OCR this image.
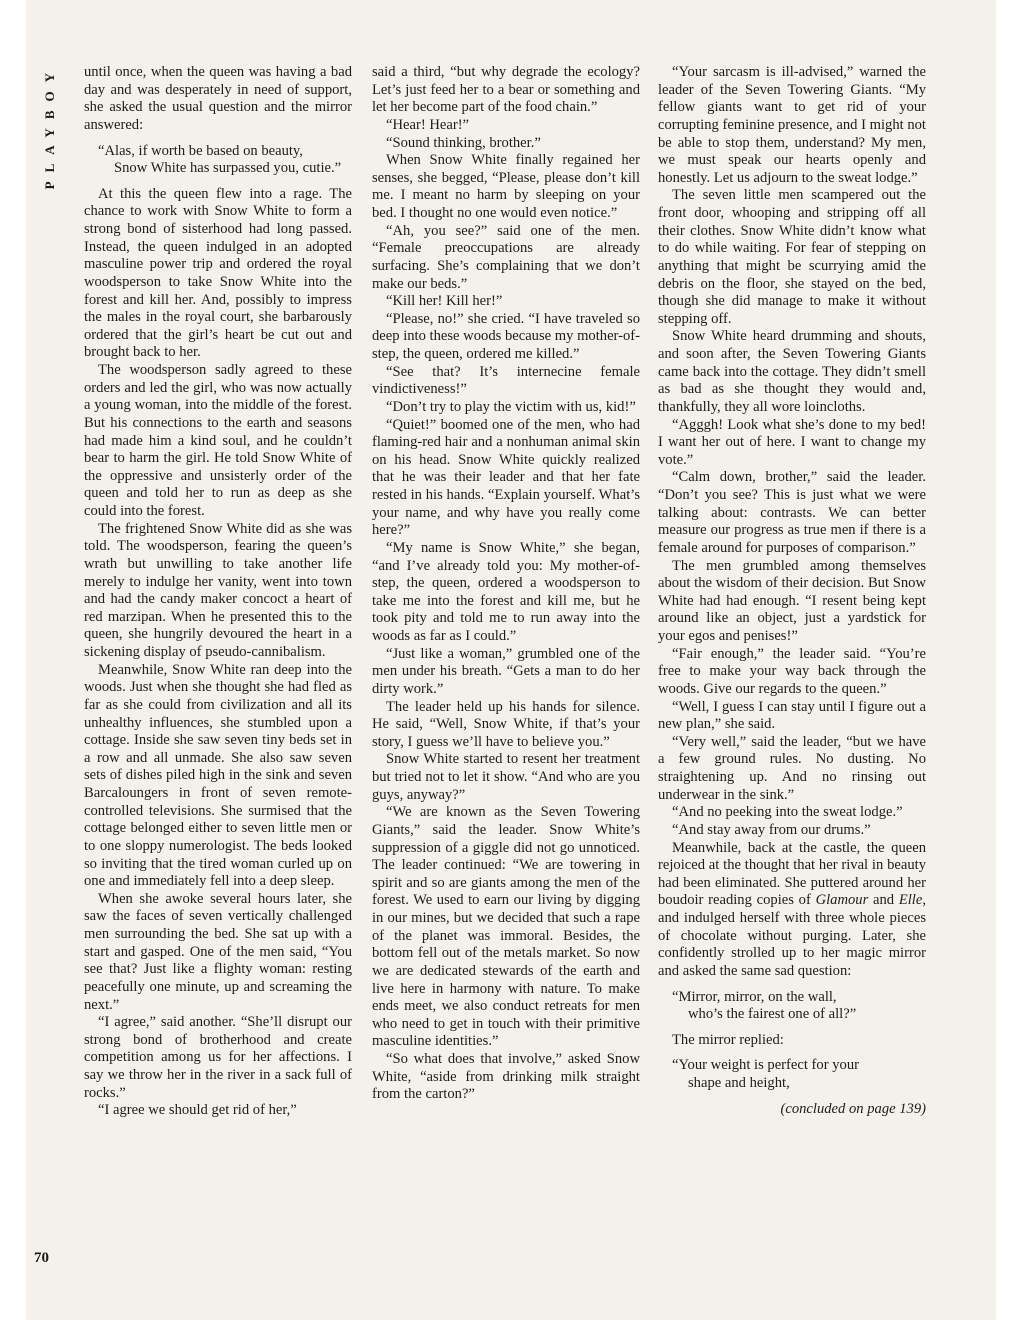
PLAYBOY	until once, when the queen was having a bad day and was desperately in need of support, she asked the usual question and the mirror answered:

“Alas, if worth be based on beauty,
Snow White has surpassed you, cutie.”

At this the queen flew into a rage. The chance to work with Snow White to form a strong bond of sisterhood had long passed. Instead, the queen indulged in an adopted masculine power trip and ordered the royal woodsperson to take Snow White into the forest and kill her. And, possibly to impress the males in the royal court, she barbarously ordered that the girl’s heart be cut out and brought back to her.

The woodsperson sadly agreed to these orders and led the girl, who was now actually a young woman, into the middle of the forest. But his connections to the earth and seasons had made him a kind soul, and he couldn’t bear to harm the girl. He told Snow White of the oppressive and unsisterly order of the queen and told her to run as deep as she could into the forest.

The frightened Snow White did as she was told. The woodsperson, fearing the queen’s wrath but unwilling to take another life merely to indulge her vanity, went into town and had the candy maker concoct a heart of red marzipan. When he presented this to the queen, she hungrily devoured the heart in a sickening display of pseudo-cannibalism.

Meanwhile, Snow White ran deep into the woods. Just when she thought she had fled as far as she could from civilization and all its unhealthy influences, she stumbled upon a cottage. Inside she saw seven tiny beds set in a row and all unmade. She also saw seven sets of dishes piled high in the sink and seven Barcaloungers in front of seven remote-controlled televisions. She surmised that the cottage belonged either to seven little men or to one sloppy numerologist. The beds looked so inviting that the tired woman curled up on one and immediately fell into a deep sleep.

When she awoke several hours later, she saw the faces of seven vertically challenged men surrounding the bed. She sat up with a start and gasped. One of the men said, “You see that? Just like a flighty woman: resting peacefully one minute, up and screaming the next.”

“I agree,” said another. “She’ll disrupt our strong bond of brotherhood and create competition among us for her affections. I say we throw her in the river in a sack full of rocks.”

“I agree we should get rid of her,”

said a third, “but why degrade the ecology? Let’s just feed her to a bear or something and let her become part of the food chain.”

“Hear! Hear!”

“Sound thinking, brother.”

When Snow White finally regained her senses, she begged, “Please, please don’t kill me. I meant no harm by sleeping on your bed. I thought no one would even notice.”

“Ah, you see?” said one of the men. “Female preoccupations are already surfacing. She’s complaining that we don’t make our beds.”

“Kill her! Kill her!”

“Please, no!” she cried. “I have traveled so deep into these woods because my mother-of-step, the queen, ordered me killed.”

“See that? It’s internecine female vindictiveness!”

“Don’t try to play the victim with us, kid!”

“Quiet!” boomed one of the men, who had flaming-red hair and a nonhuman animal skin on his head. Snow White quickly realized that he was their leader and that her fate rested in his hands. “Explain yourself. What’s your name, and why have you really come here?”

“My name is Snow White,” she began, “and I’ve already told you: My mother-of-step, the queen, ordered a woodsperson to take me into the forest and kill me, but he took pity and told me to run away into the woods as far as I could.”

“Just like a woman,” grumbled one of the men under his breath. “Gets a man to do her dirty work.”

The leader held up his hands for silence. He said, “Well, Snow White, if that’s your story, I guess we’ll have to believe you.”

Snow White started to resent her treatment but tried not to let it show. “And who are you guys, anyway?”

“We are known as the Seven Towering Giants,” said the leader. Snow White’s suppression of a giggle did not go unnoticed. The leader continued: “We are towering in spirit and so are giants among the men of the forest. We used to earn our living by digging in our mines, but we decided that such a rape of the planet was immoral. Besides, the bottom fell out of the metals market. So now we are dedicated stewards of the earth and live here in harmony with nature. To make ends meet, we also conduct retreats for men who need to get in touch with their primitive masculine identities.”

“So what does that involve,” asked Snow White, “aside from drinking milk straight from the carton?”

“Your sarcasm is ill-advised,” warned the leader of the Seven Towering Giants. “My fellow giants want to get rid of your corrupting feminine presence, and I might not be able to stop them, understand? My men, we must speak our hearts openly and honestly. Let us adjourn to the sweat lodge.”

The seven little men scampered out the front door, whooping and stripping off all their clothes. Snow White didn’t know what to do while waiting. For fear of stepping on anything that might be scurrying amid the debris on the floor, she stayed on the bed, though she did manage to make it without stepping off.

Snow White heard drumming and shouts, and soon after, the Seven Towering Giants came back into the cottage. They didn’t smell as bad as she thought they would and, thankfully, they all wore loincloths.

“Agggh! Look what she’s done to my bed! I want her out of here. I want to change my vote.”

“Calm down, brother,” said the leader. “Don’t you see? This is just what we were talking about: contrasts. We can better measure our progress as true men if there is a female around for purposes of comparison.”

The men grumbled among themselves about the wisdom of their decision. But Snow White had had enough. “I resent being kept around like an object, just a yardstick for your egos and penises!”

“Fair enough,” the leader said. “You’re free to make your way back through the woods. Give our regards to the queen.”

“Well, I guess I can stay until I figure out a new plan,” she said.

“Very well,” said the leader, “but we have a few ground rules. No dusting. No straightening up. And no rinsing out underwear in the sink.”

“And no peeking into the sweat lodge.”

“And stay away from our drums.”

Meanwhile, back at the castle, the queen rejoiced at the thought that her rival in beauty had been eliminated. She puttered around her boudoir reading copies of Glamour and Elle, and indulged herself with three whole pieces of chocolate without purging. Later, she confidently strolled up to her magic mirror and asked the same sad question:

“Mirror, mirror, on the wall,
who’s the fairest one of all?”

The mirror replied:

“Your weight is perfect for your
shape and height,
(concluded on page 139)
70
